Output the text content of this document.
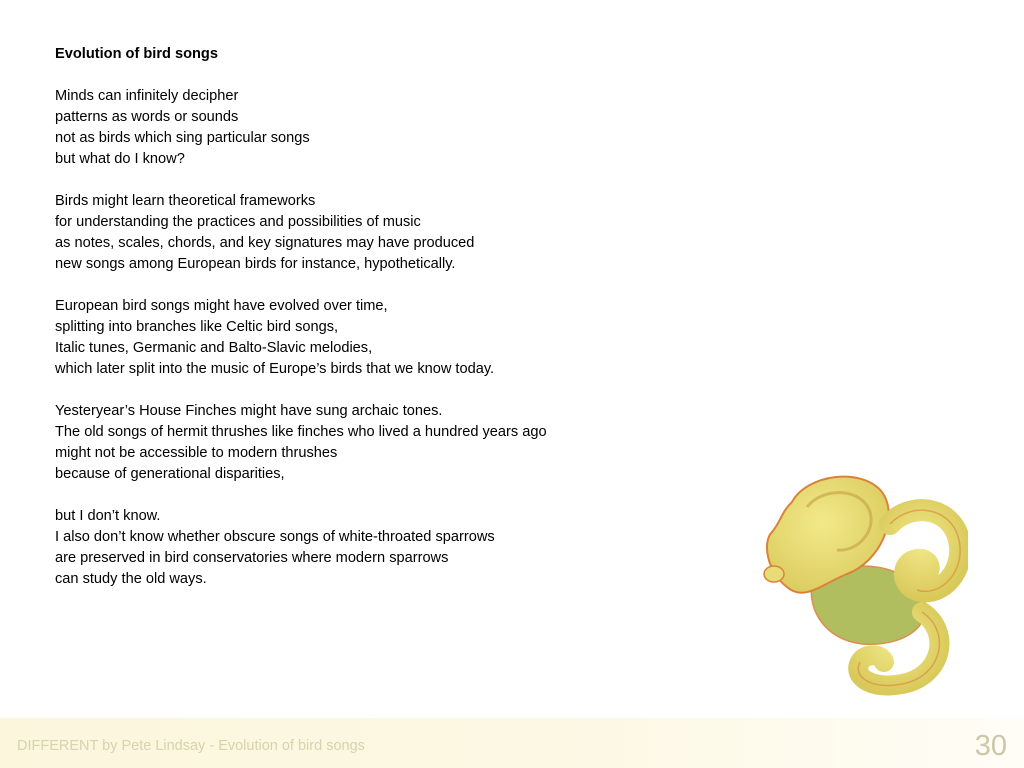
Evolution of bird songs
Minds can infinitely decipher
patterns as words or sounds
not as birds which sing particular songs
but what do I know?
Birds might learn theoretical frameworks
for understanding the practices and possibilities of music
as notes, scales, chords, and key signatures may have produced
new songs among European birds for instance, hypothetically.
European bird songs might have evolved over time,
splitting into branches like Celtic bird songs,
Italic tunes, Germanic and Balto-Slavic melodies,
which later split into the music of Europe’s birds that we know today.
Yesteryear’s House Finches might have sung archaic tones.
The old songs of hermit thrushes like finches who lived a hundred years ago
might not be accessible to modern thrushes
because of generational disparities,
but I don’t know.
I also don’t know whether obscure songs of white-throated sparrows
are preserved in bird conservatories where modern sparrows
can study the old ways.
DIFFERENT by Pete Lindsay - Evolution of bird songs	30
